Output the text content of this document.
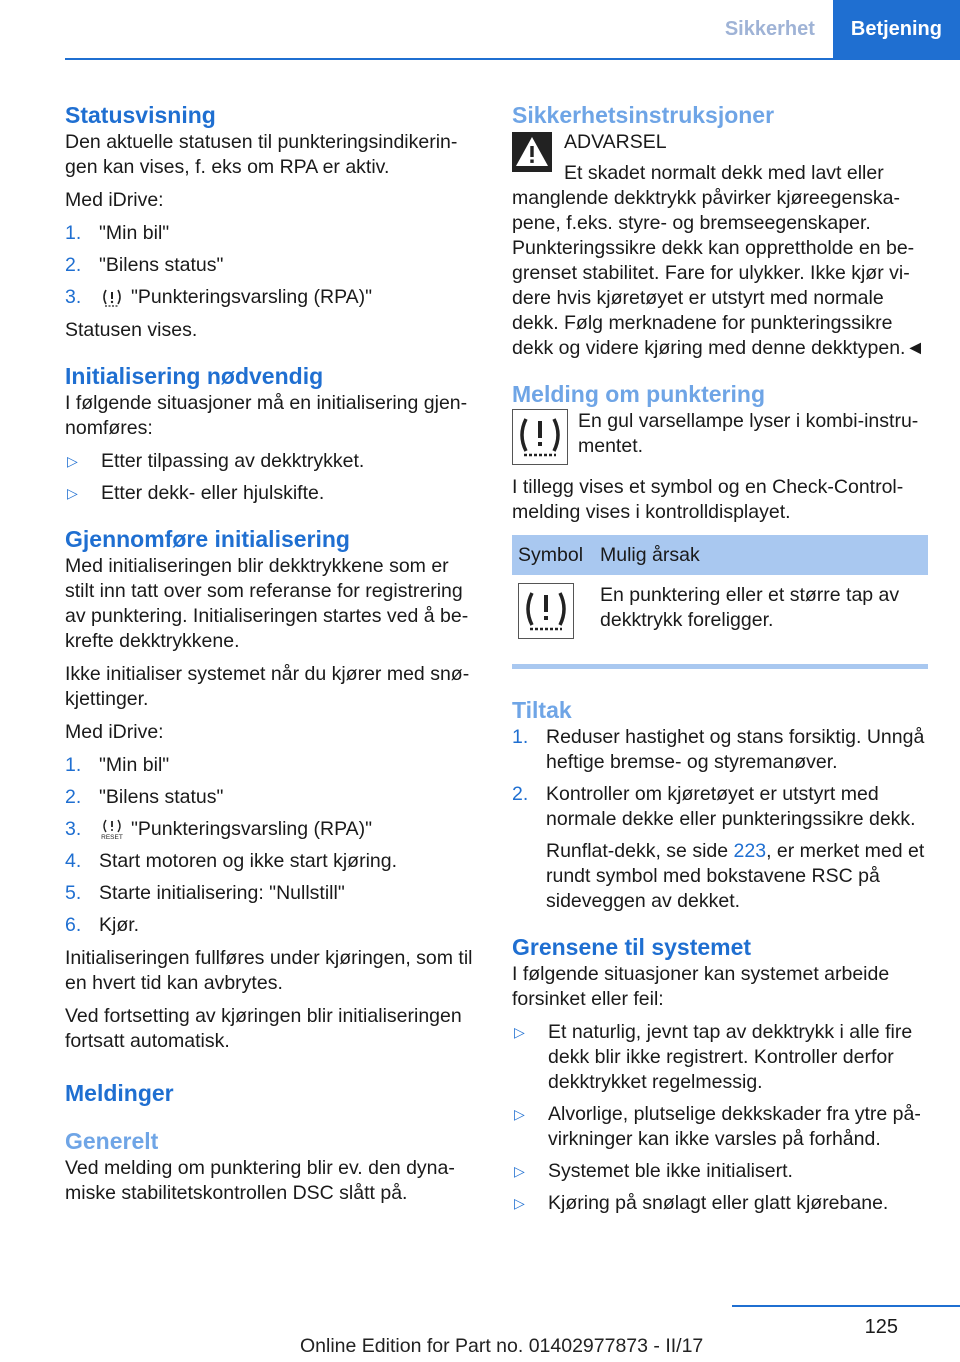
Sikkerhet	Betjening
Statusvisning

Den aktuelle statusen til punkteringsindikeringen kan vises, f. eks om RPA er aktiv.

Med iDrive:

1. "Min bil"
2. "Bilens status"
3.	"Punkteringsvarsling (RPA)"

Statusen vises.

Initialisering nødvendig

I følgende situasjoner må en initialisering gjennomføres:

▷	Etter tilpassing av dekktrykket.
▷	Etter dekk- eller hjulskifte.
Gjennomføre initialisering

Med initialiseringen blir dekktrykkene som er stilt inn tatt over som referanse for registrering av punktering. Initialiseringen startes ved å bekrefte dekktrykkene.

Ikke initialiser systemet når du kjører med snøkjettinger.

Med iDrive:

1. "Min bil"
2. "Bilens status"
3.	RESET "Punkteringsvarsling (RPA)"
4. Start motoren og ikke start kjøring.
5. Starte initialisering: "Nullstill"
6. Kjør.

Initialiseringen fullføres under kjøringen, som til en hvert tid kan avbrytes.

Ved fortsetting av kjøringen blir initialiseringen fortsatt automatisk.

Meldinger
Generelt

Ved melding om punktering blir ev. den dynamiske stabilitetskontrollen DSC slått på.

Sikkerhetsinstruksjoner

ADVARSEL

Et skadet normalt dekk med lavt eller

manglende dekktrykk påvirker kjøreegenskapene, f.eks. styre- og bremseegenskaper. Punkteringssikre dekk kan opprettholde en begrenset stabilitet. Fare for ulykker. Ikke kjør videre hvis kjøretøyet er utstyrt med normale dekk. Følg merknadene for punkteringssikre dekk og videre kjøring med denne dekktypen.◄

Melding om punktering

En gul varsellampe lyser i kombi-instrumentet.

I tillegg vises et symbol og en Check-Control-melding vises i kontrolldisplayet.

Symbol	Mulig årsak
	En punktering eller et større tap av dekktrykk foreligger.
Tiltak
1. Reduser hastighet og stans forsiktig. Unngå heftige bremse- og styremanøver.
2. Kontroller om kjøretøyet er utstyrt med normale dekke eller punkteringssikre dekk.
Runflat-dekk, se side 223, er merket med et rundt symbol med bokstavene RSC på sideveggen av dekket.
Grensene til systemet

I følgende situasjoner kan systemet arbeide forsinket eller feil:

▷	Et naturlig, jevnt tap av dekktrykk i alle fire dekk blir ikke registrert. Kontroller derfor dekktrykket regelmessig.
▷	Alvorlige, plutselige dekkskader fra ytre påvirkninger kan ikke varsles på forhånd.
▷	Systemet ble ikke initialisert.
▷	Kjøring på snølagt eller glatt kjørebane.
125
Online Edition for Part no. 01402977873 - II/17
